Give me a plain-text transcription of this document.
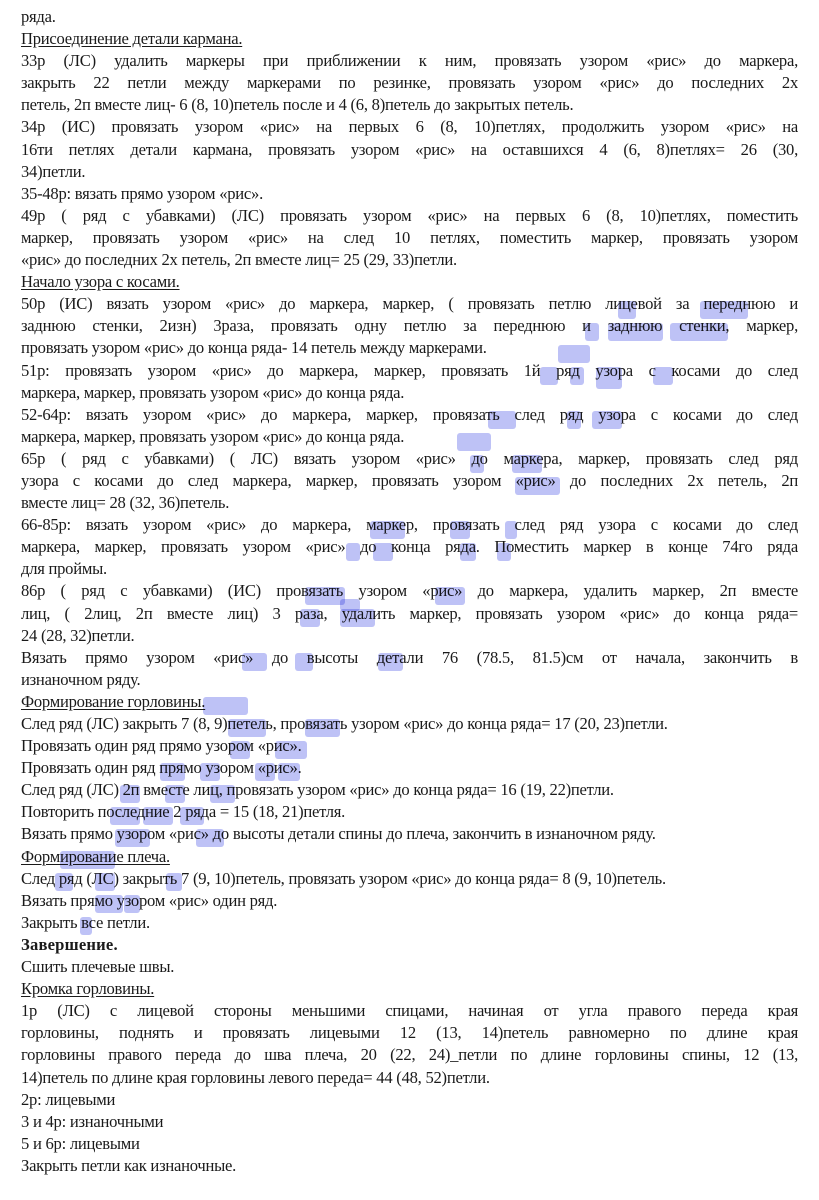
ряда.
Присоединение детали кармана.
33р (ЛС) удалить маркеры при приближении к ним, провязать узором «рис» до маркера,
закрыть 22 петли между маркерами по резинке, провязать узором «рис» до последних 2х
петель, 2п вместе лиц- 6 (8, 10)петель после и 4 (6, 8)петель до закрытых петель.
34р (ИС) провязать узором «рис» на первых 6 (8, 10)петлях, продолжить узором «рис» на
16ти петлях детали кармана, провязать узором «рис» на оставшихся 4 (6, 8)петлях= 26 (30,
34)петли.
35-48р: вязать прямо узором «рис».
49р ( ряд с убавками) (ЛС) провязать узором «рис» на первых 6 (8, 10)петлях, поместить
маркер, провязать узором «рис» на след 10 петлях, поместить маркер, провязать узором
«рис» до последних 2х петель, 2п вместе лиц= 25 (29, 33)петли.
Начало узора с косами.
50р (ИС) вязать узором «рис» до маркера, маркер, ( провязать петлю лицевой за переднюю и
заднюю стенки, 2изн) 3раза, провязать одну петлю за переднюю и заднюю стенки, маркер,
провязать узором «рис» до конца ряда- 14 петель между маркерами.
51р: провязать узором «рис» до маркера, маркер, провязать 1й ряд узора с косами до след
маркера, маркер, провязать узором «рис» до конца ряда.
52-64р: вязать узором «рис» до маркера, маркер, провязать след ряд узора с косами до след
маркера, маркер, провязать узором «рис» до конца ряда.
65р ( ряд с убавками) ( ЛС) вязать узором «рис» до маркера, маркер, провязать след ряд
узора с косами до след маркера, маркер, провязать узором «рис» до последних 2х петель, 2п
вместе лиц= 28 (32, 36)петель.
66-85р: вязать узором «рис» до маркера, маркер, провязать след ряд узора с косами до след
маркера, маркер, провязать узором «рис» до конца ряда. Поместить маркер в конце 74го ряда
для проймы.
86р ( ряд с убавками) (ИС) провязать узором «рис» до маркера, удалить маркер, 2п вместе
лиц, ( 2лиц, 2п вместе лиц) 3 раза, удалить маркер, провязать узором «рис» до конца ряда=
24 (28, 32)петли.
Вязать прямо узором «рис» до высоты детали 76 (78.5, 81.5)см от начала, закончить в
изнаночном ряду.
Формирование горловины.
След ряд (ЛС) закрыть 7 (8, 9)петель, провязать узором «рис» до конца ряда= 17 (20, 23)петли.
Провязать один ряд прямо узором «рис».
Провязать один ряд прямо узором «рис».
След ряд (ЛС) 2п вместе лиц, провязать узором «рис» до конца ряда= 16 (19, 22)петли.
Повторить последние 2 ряда = 15 (18, 21)петля.
Вязать прямо узором «рис» до высоты детали спины до плеча, закончить в изнаночном ряду.
Формирование плеча.
След ряд (ЛС) закрыть 7 (9, 10)петель, провязать узором «рис» до конца ряда= 8 (9, 10)петель.
Вязать прямо узором «рис» один ряд.
Закрыть все петли.
Завершение.
Сшить плечевые швы.
Кромка горловины.
1р (ЛС) с лицевой стороны меньшими спицами, начиная от угла правого переда края
горловины, поднять и провязать лицевыми 12 (13, 14)петель равномерно по длине края
горловины правого переда до шва плеча, 20 (22, 24)_петли по длине горловины спины, 12 (13,
14)петель по длине края горловины левого переда= 44 (48, 52)петли.
2р: лицевыми
3 и 4р: изнаночными
5 и 6р: лицевыми
Закрыть петли как изнаночные.
